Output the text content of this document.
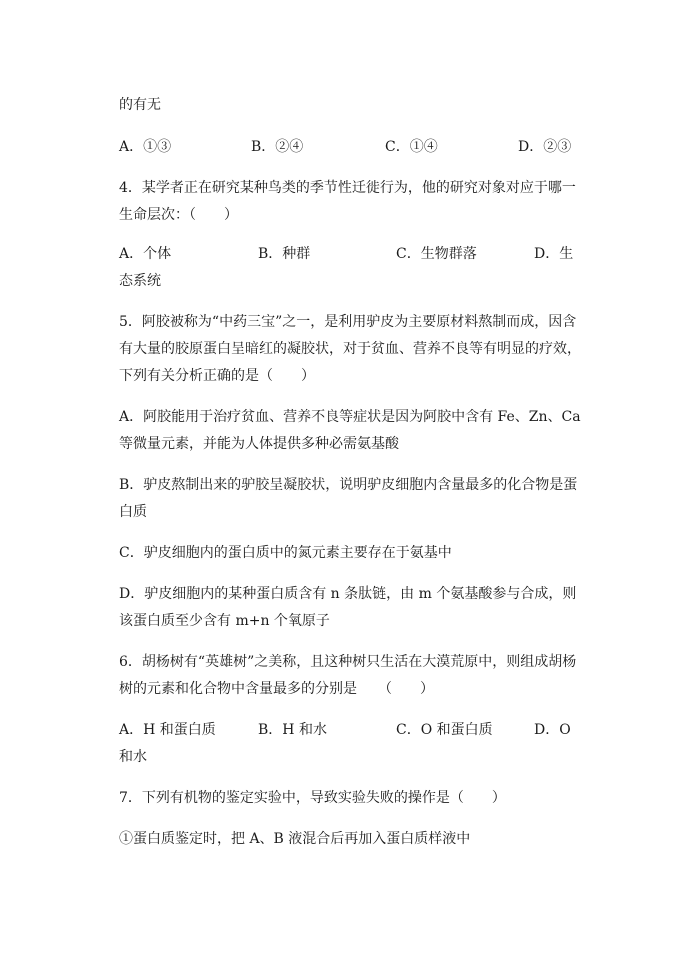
的有无
A．①③	B．②④	C．①④	D．②③
4．某学者正在研究某种鸟类的季节性迁徙行为，他的研究对象对应于哪一
生命层次：（　　）
A．个体	B．种群	C．生物群落	D．生
态系统
5．阿胶被称为“中药三宝”之一，是利用驴皮为主要原材料熬制而成，因含
有大量的胶原蛋白呈暗红的凝胶状，对于贫血、营养不良等有明显的疗效，
下列有关分析正确的是（　　）
A．阿胶能用于治疗贫血、营养不良等症状是因为阿胶中含有 Fe、Zn、Ca
等微量元素，并能为人体提供多种必需氨基酸
B．驴皮熬制出来的驴胶呈凝胶状，说明驴皮细胞内含量最多的化合物是蛋
白质
C．驴皮细胞内的蛋白质中的氮元素主要存在于氨基中
D．驴皮细胞内的某种蛋白质含有 n 条肽链，由 m 个氨基酸参与合成，则
该蛋白质至少含有 m+n 个氧原子
6．胡杨树有“英雄树”之美称，且这种树只生活在大漠荒原中，则组成胡杨
树的元素和化合物中含量最多的分别是　　（　　）
A．H 和蛋白质	B．H 和水	C．O 和蛋白质	D．O
和水
7．下列有机物的鉴定实验中，导致实验失败的操作是（　　）
①蛋白质鉴定时，把 A、B 液混合后再加入蛋白质样液中
